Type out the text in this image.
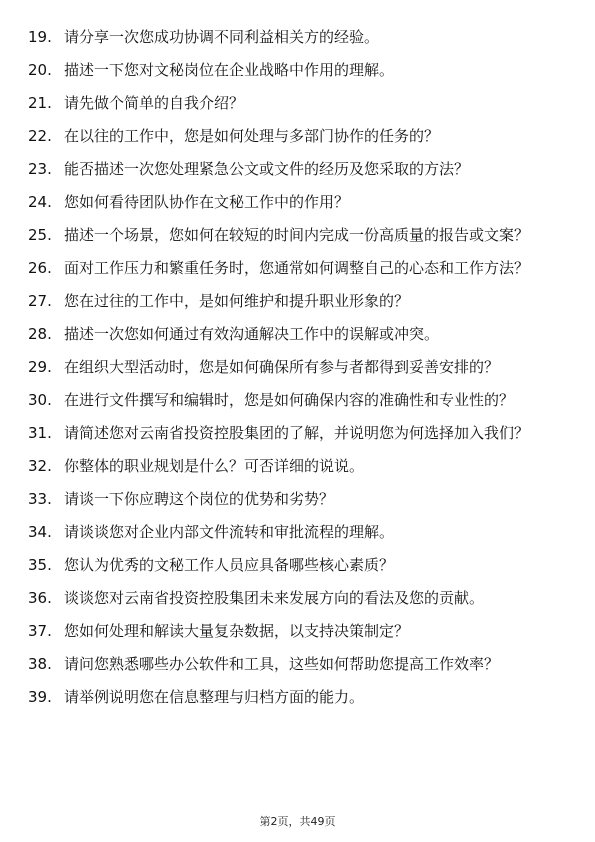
19. 请分享一次您成功协调不同利益相关方的经验。
20. 描述一下您对文秘岗位在企业战略中作用的理解。
21. 请先做个简单的自我介绍？
22. 在以往的工作中，您是如何处理与多部门协作的任务的？
23. 能否描述一次您处理紧急公文或文件的经历及您采取的方法？
24. 您如何看待团队协作在文秘工作中的作用？
25. 描述一个场景，您如何在较短的时间内完成一份高质量的报告或文案？
26. 面对工作压力和繁重任务时，您通常如何调整自己的心态和工作方法？
27. 您在过往的工作中，是如何维护和提升职业形象的？
28. 描述一次您如何通过有效沟通解决工作中的误解或冲突。
29. 在组织大型活动时，您是如何确保所有参与者都得到妥善安排的？
30. 在进行文件撰写和编辑时，您是如何确保内容的准确性和专业性的？
31. 请简述您对云南省投资控股集团的了解，并说明您为何选择加入我们？
32. 你整体的职业规划是什么？可否详细的说说。
33. 请谈一下你应聘这个岗位的优势和劣势？
34. 请谈谈您对企业内部文件流转和审批流程的理解。
35. 您认为优秀的文秘工作人员应具备哪些核心素质？
36. 谈谈您对云南省投资控股集团未来发展方向的看法及您的贡献。
37. 您如何处理和解读大量复杂数据，以支持决策制定？
38. 请问您熟悉哪些办公软件和工具，这些如何帮助您提高工作效率？
39. 请举例说明您在信息整理与归档方面的能力。
第2页，共49页
